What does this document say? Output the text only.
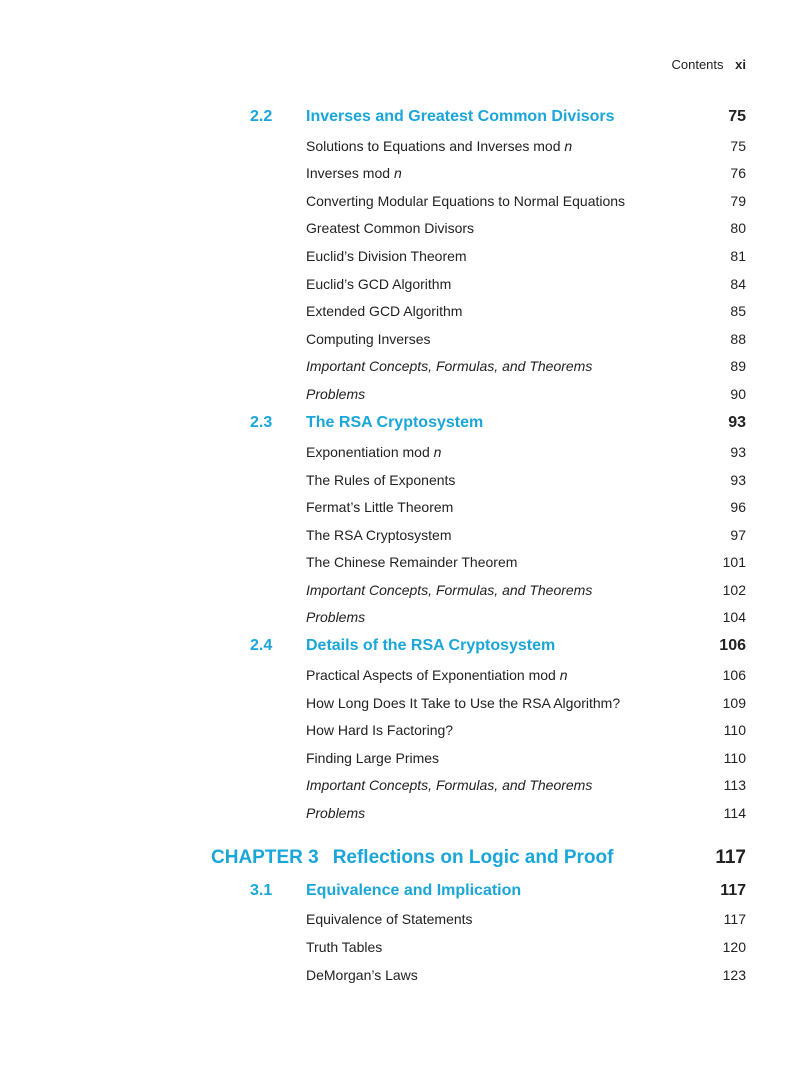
Contents xi
2.2 Inverses and Greatest Common Divisors	75
Solutions to Equations and Inverses mod n	75
Inverses mod n	76
Converting Modular Equations to Normal Equations	79
Greatest Common Divisors	80
Euclid’s Division Theorem	81
Euclid’s GCD Algorithm	84
Extended GCD Algorithm	85
Computing Inverses	88
Important Concepts, Formulas, and Theorems	89
Problems	90
2.3 The RSA Cryptosystem	93
Exponentiation mod n	93
The Rules of Exponents	93
Fermat’s Little Theorem	96
The RSA Cryptosystem	97
The Chinese Remainder Theorem	101
Important Concepts, Formulas, and Theorems	102
Problems	104
2.4 Details of the RSA Cryptosystem	106
Practical Aspects of Exponentiation mod n	106
How Long Does It Take to Use the RSA Algorithm?	109
How Hard Is Factoring?	110
Finding Large Primes	110
Important Concepts, Formulas, and Theorems	113
Problems	114
CHAPTER 3 Reflections on Logic and Proof	117
3.1 Equivalence and Implication	117
Equivalence of Statements	117
Truth Tables	120
DeMorgan’s Laws	123
